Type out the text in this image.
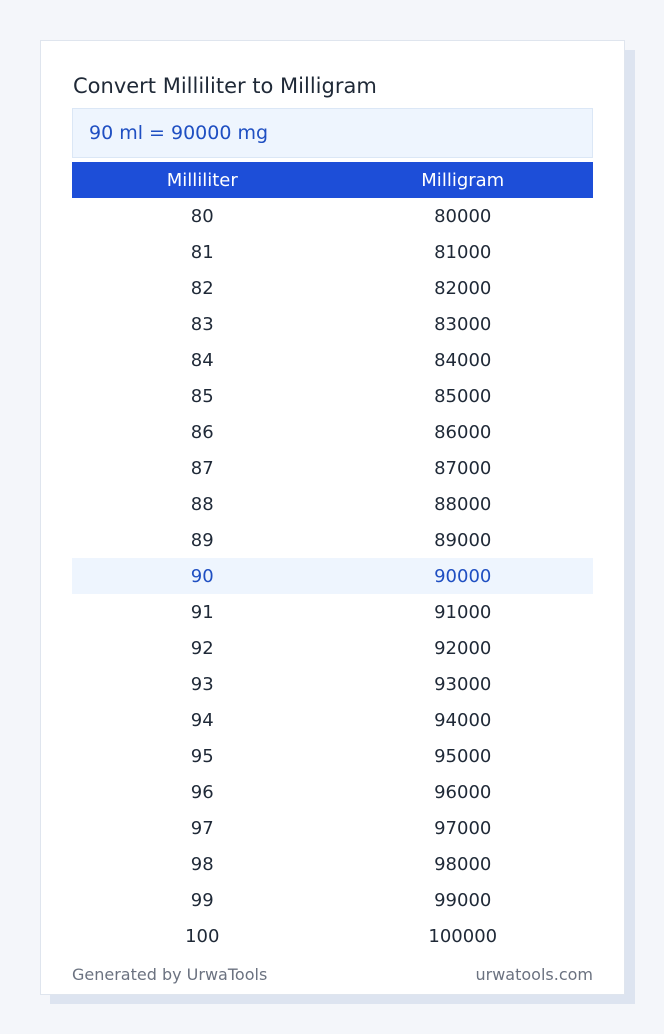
Convert Milliliter to Milligram
90 ml = 90000 mg
Milliliter	Milligram
80	80000
81	81000
82	82000
83	83000
84	84000
85	85000
86	86000
87	87000
88	88000
89	89000
90	90000
91	91000
92	92000
93	93000
94	94000
95	95000
96	96000
97	97000
98	98000
99	99000
100	100000
Generated by UrwaTools	urwatools.com
